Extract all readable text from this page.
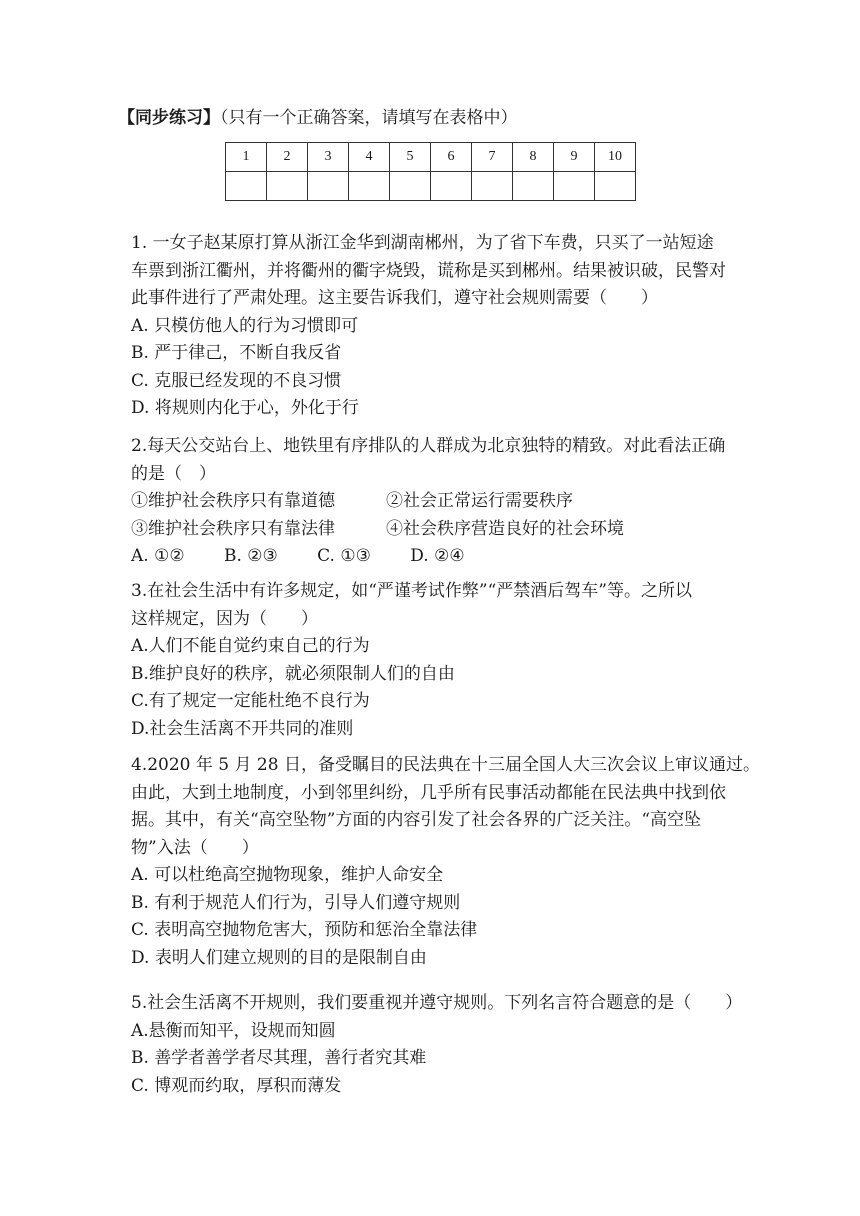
【同步练习】（只有一个正确答案，请填写在表格中）
1	2	3	4	5	6	7	8	9	10

1. 一女子赵某原打算从浙江金华到湖南郴州，为了省下车费，只买了一站短途

车票到浙江衢州，并将衢州的衢字烧毁，谎称是买到郴州。结果被识破，民警对

此事件进行了严肃处理。这主要告诉我们，遵守社会规则需要（　　）

A. 只模仿他人的行为习惯即可

B. 严于律己，不断自我反省

C. 克服已经发现的不良习惯

D. 将规则内化于心，外化于行

2.每天公交站台上、地铁里有序排队的人群成为北京独特的精致。对此看法正确

的是（　）

①维护社会秩序只有靠道德　　　②社会正常运行需要秩序

③维护社会秩序只有靠法律　　　④社会秩序营造良好的社会环境

A. ①②　　 B. ②③　　 C. ①③　　 D. ②④

3.在社会生活中有许多规定，如“严谨考试作弊”“严禁酒后驾车”等。之所以

这样规定，因为（　　）

A.人们不能自觉约束自己的行为

B.维护良好的秩序，就必须限制人们的自由

C.有了规定一定能杜绝不良行为

D.社会生活离不开共同的准则

4.2020 年 5 月 28 日，备受瞩目的民法典在十三届全国人大三次会议上审议通过。

由此，大到土地制度，小到邻里纠纷，几乎所有民事活动都能在民法典中找到依

据。其中，有关“高空坠物”方面的内容引发了社会各界的广泛关注。“高空坠

物”入法（　　）

A. 可以杜绝高空抛物现象，维护人命安全

B. 有利于规范人们行为，引导人们遵守规则

C. 表明高空抛物危害大，预防和惩治全靠法律

D. 表明人们建立规则的目的是限制自由

5.社会生活离不开规则，我们要重视并遵守规则。下列名言符合题意的是（　　）

A.悬衡而知平，设规而知圆

B. 善学者善学者尽其理，善行者究其难

C. 博观而约取，厚积而薄发
